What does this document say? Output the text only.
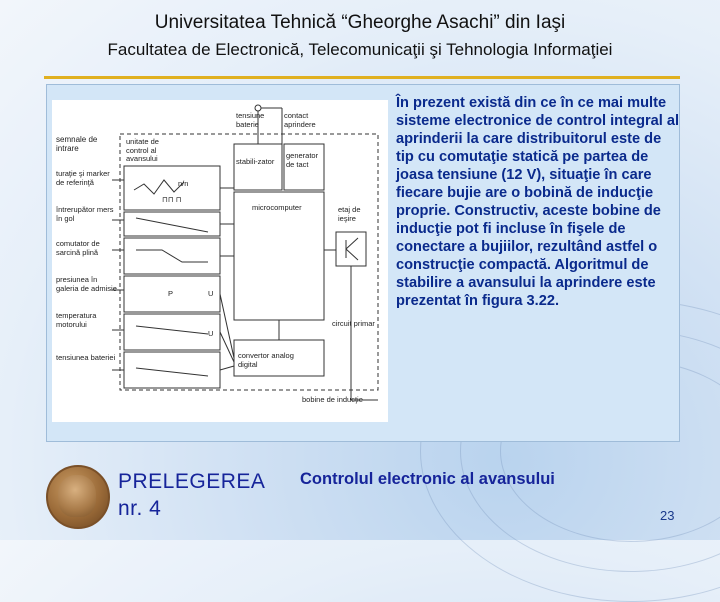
Universitatea Tehnică “Gheorghe Asachi” din Iaşi
Facultatea de Electronică, Telecomunicaţii şi Tehnologia Informaţiei
tensiune baterie
contact aprindere
semnale de intrare
unitate de control al avansului	stabili-zator
generator de tact
turaţie şi marker de referinţă	n/n
⊓⊓ ⊓
întrerupător mers în gol
etaj de ieşire
microcomputer
comutator de sarcină plină
presiunea în galeria de admisie
P	U
temperatura motorului	circuit primar
U
tensiunea bateriei	convertor analog digital
bobine de inducţie
În prezent există din ce în ce mai multe sisteme electronice de control integral al aprinderii la care distribuitorul este de tip cu comutaţie statică pe partea de joasa tensiune (12 V), situaţie în care fiecare bujie are o bobină de inducţie proprie. Constructiv, aceste bobine de inducţie pot fi incluse în fişele de conectare a bujiilor, rezultând astfel o construcţie compactă. Algoritmul de stabilire a avansului la aprindere este prezentat în figura 3.22.
PRELEGEREA
nr. 4
Controlul electronic al avansului
23
